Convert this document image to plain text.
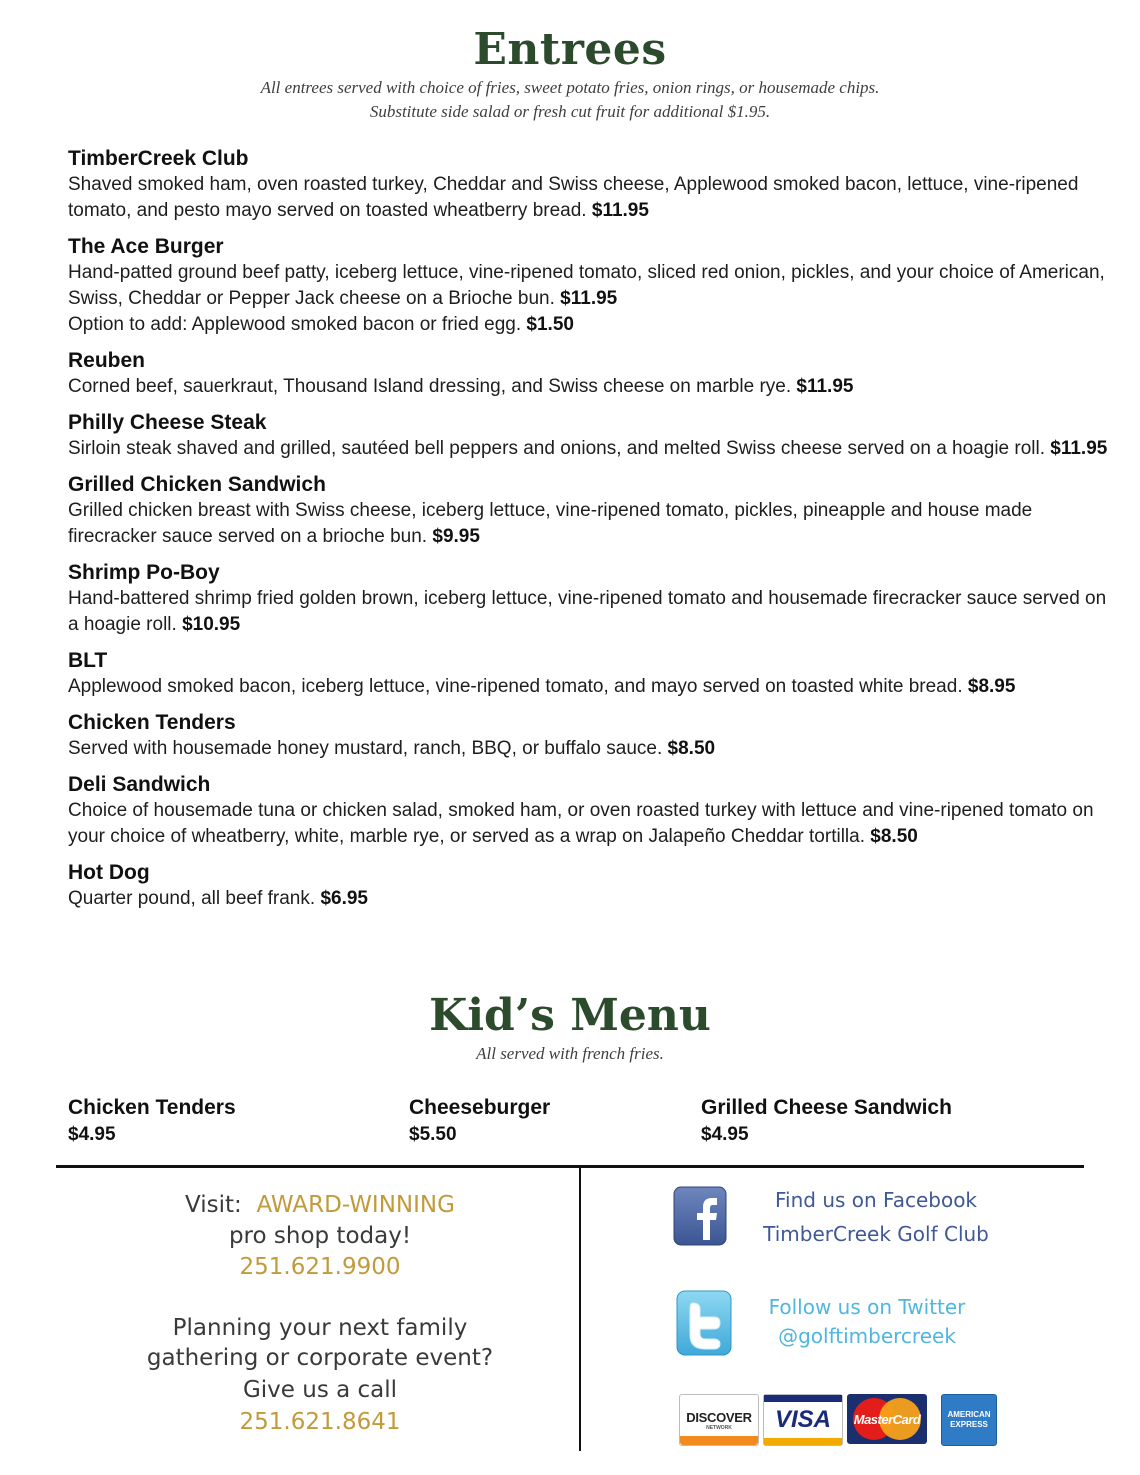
Entrees

All entrees served with choice of fries, sweet potato fries, onion rings, or housemade chips.

Substitute side salad or fresh cut fruit for additional $1.95.

TimberCreek Club
Shaved smoked ham, oven roasted turkey, Cheddar and Swiss cheese, Applewood smoked bacon, lettuce, vine-ripened tomato, and pesto mayo served on toasted wheatberry bread. $11.95
The Ace Burger
Hand-patted ground beef patty, iceberg lettuce, vine-ripened tomato, sliced red onion, pickles, and your choice of American, Swiss, Cheddar or Pepper Jack cheese on a Brioche bun. $11.95
Option to add: Applewood smoked bacon or fried egg. $1.50
Reuben
Corned beef, sauerkraut, Thousand Island dressing, and Swiss cheese on marble rye. $11.95
Philly Cheese Steak
Sirloin steak shaved and grilled, sautéed bell peppers and onions, and melted Swiss cheese served on a hoagie roll. $11.95
Grilled Chicken Sandwich
Grilled chicken breast with Swiss cheese, iceberg lettuce, vine-ripened tomato, pickles, pineapple and house made firecracker sauce served on a brioche bun. $9.95
Shrimp Po-Boy
Hand-battered shrimp fried golden brown, iceberg lettuce, vine-ripened tomato and housemade firecracker sauce served on a hoagie roll. $10.95
BLT
Applewood smoked bacon, iceberg lettuce, vine-ripened tomato, and mayo served on toasted white bread. $8.95
Chicken Tenders
Served with housemade honey mustard, ranch, BBQ, or buffalo sauce. $8.50
Deli Sandwich
Choice of housemade tuna or chicken salad, smoked ham, or oven roasted turkey with lettuce and vine-ripened tomato on your choice of wheatberry, white, marble rye, or served as a wrap on Jalapeño Cheddar tortilla. $8.50
Hot Dog
Quarter pound, all beef frank. $6.95
Kid’s Menu

All served with french fries.

Chicken Tenders
$4.95
Cheeseburger
$5.50
Grilled Cheese Sandwich
$4.95
Visit: AWARD-WINNING
pro shop today!
251.621.9900
Planning your next family
gathering or corporate event?
Give us a call
251.621.8641
Find us on Facebook
TimberCreek Golf Club
Follow us on Twitter
@golftimbercreek
DISCOVER
NETWORK VISA MasterCard	AMERICAN
EXPRESS
